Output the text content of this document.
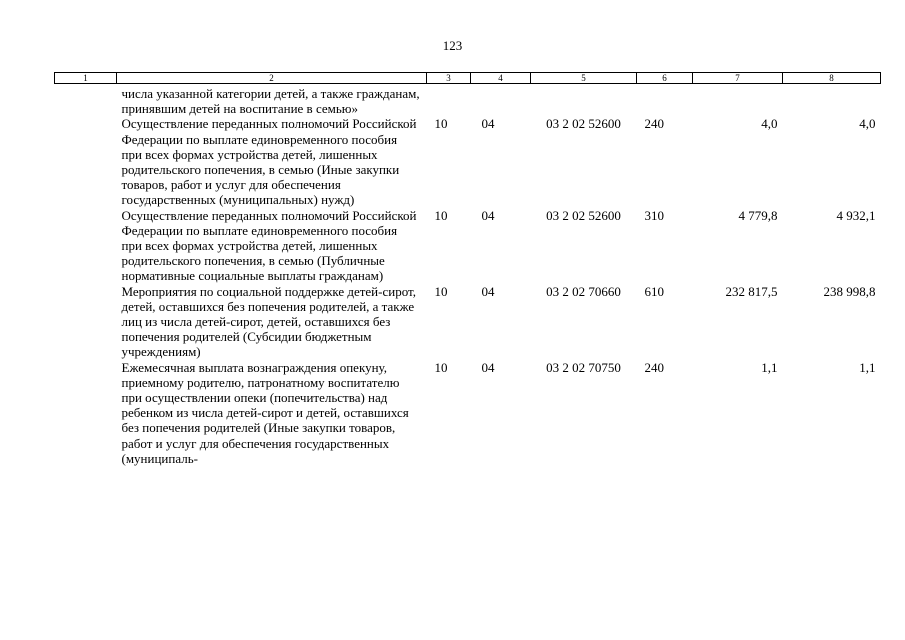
123
1	2	3	4	5	6	7	8
	числа указанной категории детей, а также гражданам, принявшим детей на воспитание в семью»						
	Осуществление переданных полномочий Российской Федерации по выплате единовременного пособия при всех формах устройства детей, лишенных родительского попечения, в семью (Иные закупки товаров, работ и услуг для обеспечения государственных (муниципальных) нужд)	10	04	03 2 02 52600	240	4,0	4,0
	Осуществление переданных полномочий Российской Федерации по выплате единовременного пособия при всех формах устройства детей, лишенных родительского попечения, в семью (Публичные нормативные социальные выплаты гражданам)	10	04	03 2 02 52600	310	4 779,8	4 932,1
	Мероприятия по социальной поддержке детей-сирот, детей, оставшихся без попечения родителей, а также лиц из числа детей-сирот, детей, оставшихся без попечения родителей (Субсидии бюджетным учреждениям)	10	04	03 2 02 70660	610	232 817,5	238 998,8
	Ежемесячная выплата вознаграждения опекуну, приемному родителю, патронатному воспитателю при осуществлении опеки (попечительства) над ребенком из числа детей-сирот и детей, оставшихся без попечения родителей (Иные закупки товаров, работ и услуг для обеспечения государственных (муниципаль-	10	04	03 2 02 70750	240	1,1	1,1
